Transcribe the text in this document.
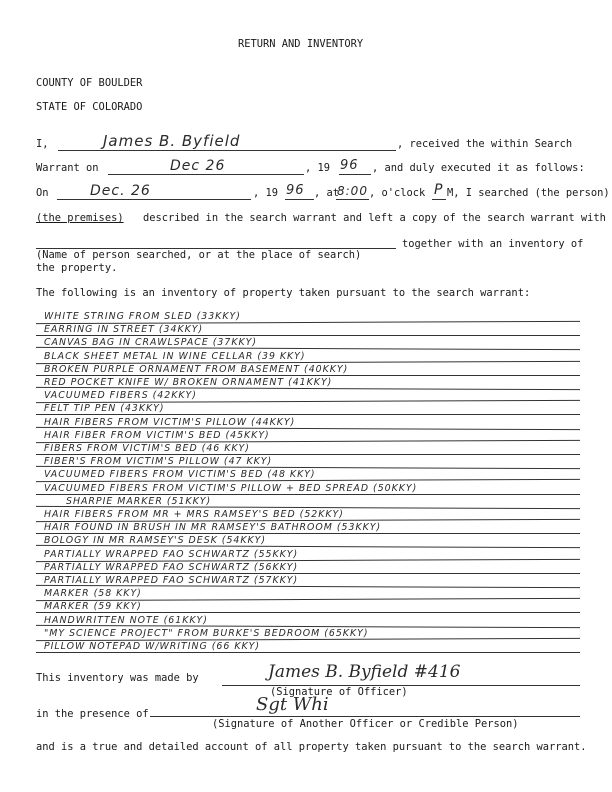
RETURN AND INVENTORY
COUNTY OF BOULDER
STATE OF COLORADO
I,	James B. Byfield	, received the within Search
Warrant on	Dec 26	, 19 96 , and duly executed it as follows:
On	Dec. 26	, 19 96 , at
8:00 , o'clock P M, I searched (the person)
(the premises) described in the search warrant and left a copy of the search warrant with
together with an inventory of
(Name of person searched, or at the place of search)
the property.
The following is an inventory of property taken pursuant to the search warrant:
WHITE STRING FROM SLED (33KKY)
EARRING IN STREET (34KKY)
CANVAS BAG IN CRAWLSPACE (37KKY)
BLACK SHEET METAL IN WINE CELLAR (39 KKY)
BROKEN PURPLE ORNAMENT FROM BASEMENT (40KKY)
RED POCKET KNIFE W/ BROKEN ORNAMENT (41KKY)
VACUUMED FIBERS (42KKY)
FELT TIP PEN (43KKY)
HAIR FIBERS FROM VICTIM'S PILLOW (44KKY)
HAIR FIBER FROM VICTIM'S BED (45KKY)
FIBERS FROM VICTIM'S BED (46 KKY)
FIBER'S FROM VICTIM'S PILLOW (47 KKY)
VACUUMED FIBERS FROM VICTIM'S BED (48 KKY)
VACUUMED FIBERS FROM VICTIM'S PILLOW + BED SPREAD (50KKY)
SHARPIE MARKER (51KKY)
HAIR FIBERS FROM MR + MRS RAMSEY'S BED (52KKY)
HAIR FOUND IN BRUSH IN MR RAMSEY'S BATHROOM (53KKY)
BOLOGY IN MR RAMSEY'S DESK (54KKY)
PARTIALLY WRAPPED FAO SCHWARTZ (55KKY)
PARTIALLY WRAPPED FAO SCHWARTZ (56KKY)
PARTIALLY WRAPPED FAO SCHWARTZ (57KKY)
MARKER (58 KKY)
MARKER (59 KKY)
HANDWRITTEN NOTE (61KKY)
"MY SCIENCE PROJECT" FROM BURKE'S BEDROOM (65KKY)
PILLOW NOTEPAD W/WRITING (66 KKY)
This inventory was made by	James B. Byfield #416
(Signature of Officer)
in the presence of	Sgt Whi
(Signature of Another Officer or Credible Person)
and is a true and detailed account of all property taken pursuant to the search warrant.
